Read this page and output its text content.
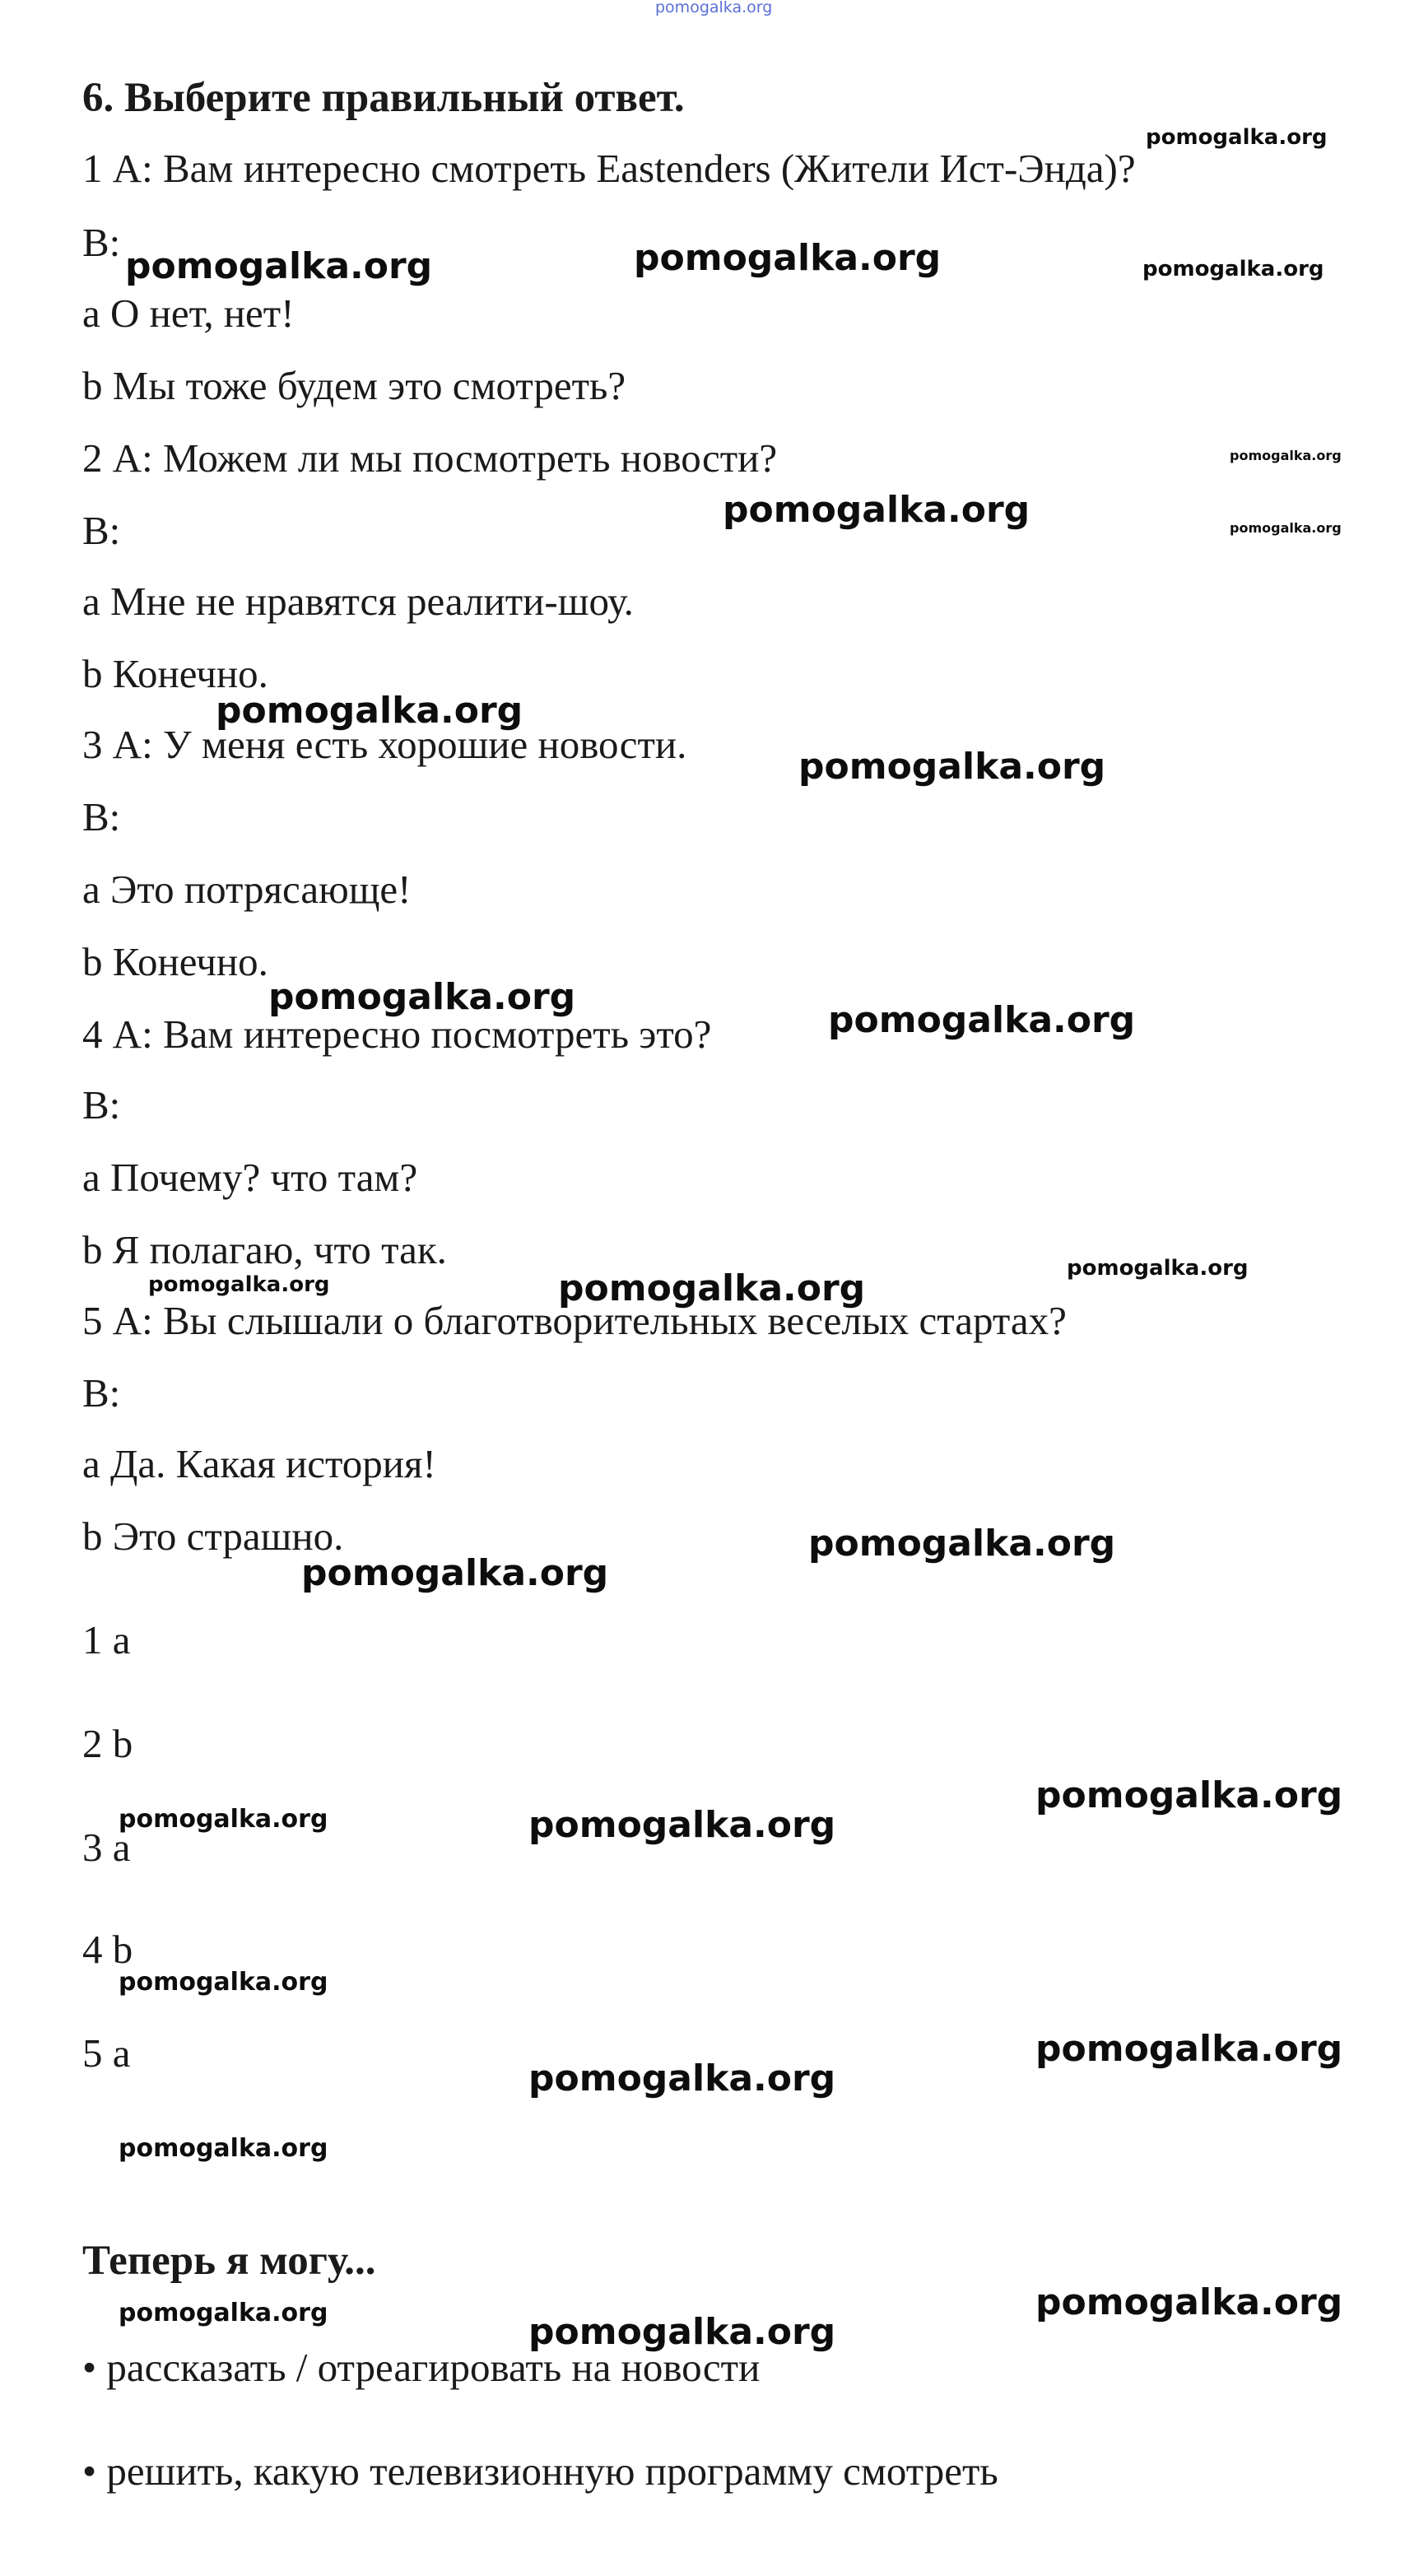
pomogalka.org
pomogalka.org
pomogalka.org	pomogalka.org	pomogalka.org
pomogalka.org
pomogalka.org	pomogalka.org
pomogalka.org
pomogalka.org
pomogalka.org
pomogalka.org
pomogalka.org
pomogalka.org	pomogalka.org
pomogalka.org
pomogalka.org
pomogalka.org
pomogalka.org	pomogalka.org
pomogalka.org
pomogalka.org
pomogalka.org
pomogalka.org
pomogalka.org
pomogalka.org	pomogalka.org
6. Выберите правильный ответ.
1 А: Вам интересно смотреть Eastenders (Жители Ист-Энда)?
В:
a О нет, нет!
b Мы тоже будем это смотреть?
2 А: Можем ли мы посмотреть новости?
В:
a Мне не нравятся реалити-шоу.
b Конечно.
3 А: У меня есть хорошие новости.
В:
a Это потрясающе!
b Конечно.
4 А: Вам интересно посмотреть это?
В:
a Почему? что там?
b Я полагаю, что так.
5 А: Вы слышали о благотворительных веселых стартах?
В:
a Да. Какая история!
b Это страшно.
1 a
2 b
3 a
4 b
5 a
Теперь я могу...
• рассказать / отреагировать на новости
• решить, какую телевизионную программу смотреть
